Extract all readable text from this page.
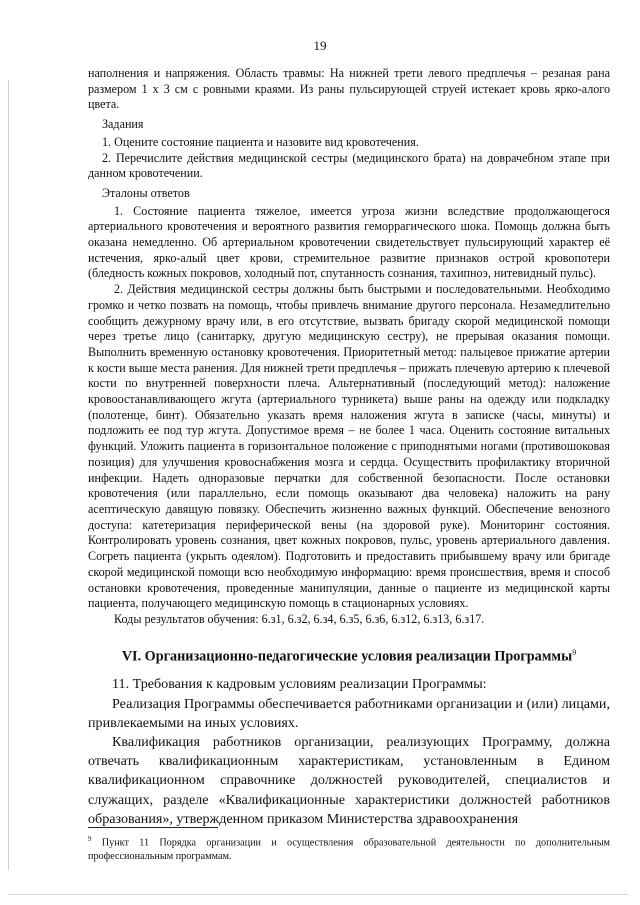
19

наполнения и напряжения. Область травмы: На нижней трети левого предплечья – резаная рана размером 1 х 3 см с ровными краями. Из раны пульсирующей струей истекает кровь ярко-алого цвета.

Задания

1. Оцените состояние пациента и назовите вид кровотечения.

2. Перечислите действия медицинской сестры (медицинского брата) на доврачебном этапе при данном кровотечении.

Эталоны ответов

1. Состояние пациента тяжелое, имеется угроза жизни вследствие продолжающегося артериального кровотечения и вероятного развития геморрагического шока. Помощь должна быть оказана немедленно. Об артериальном кровотечении свидетельствует пульсирующий характер её истечения, ярко-алый цвет крови, стремительное развитие признаков острой кровопотери (бледность кожных покровов, холодный пот, спутанность сознания, тахипноэ, нитевидный пульс).

2. Действия медицинской сестры должны быть быстрыми и последовательными. Необходимо громко и четко позвать на помощь, чтобы привлечь внимание другого персонала. Незамедлительно сообщить дежурному врачу или, в его отсутствие, вызвать бригаду скорой медицинской помощи через третье лицо (санитарку, другую медицинскую сестру), не прерывая оказания помощи. Выполнить временную остановку кровотечения. Приоритетный метод: пальцевое прижатие артерии к кости выше места ранения. Для нижней трети предплечья – прижать плечевую артерию к плечевой кости по внутренней поверхности плеча. Альтернативный (последующий метод): наложение кровоостанавливающего жгута (артериального турникета) выше раны на одежду или подкладку (полотенце, бинт). Обязательно указать время наложения жгута в записке (часы, минуты) и подложить ее под тур жгута. Допустимое время – не более 1 часа. Оценить состояние витальных функций. Уложить пациента в горизонтальное положение с приподнятыми ногами (противошоковая позиция) для улучшения кровоснабжения мозга и сердца. Осуществить профилактику вторичной инфекции. Надеть одноразовые перчатки для собственной безопасности. После остановки кровотечения (или параллельно, если помощь оказывают два человека) наложить на рану асептическую давящую повязку. Обеспечить жизненно важных функций. Обеспечение венозного доступа: катетеризация периферической вены (на здоровой руке). Мониторинг состояния. Контролировать уровень сознания, цвет кожных покровов, пульс, уровень артериального давления. Согреть пациента (укрыть одеялом). Подготовить и предоставить прибывшему врачу или бригаде скорой медицинской помощи всю необходимую информацию: время происшествия, время и способ остановки кровотечения, проведенные манипуляции, данные о пациенте из медицинской карты пациента, получающего медицинскую помощь в стационарных условиях.

Коды результатов обучения: 6.з1, 6.з2, 6.з4, 6.з5, 6.з6, 6.з12, 6.з13, 6.з17.

VI. Организационно-педагогические условия реализации Программы$^9$

11. Требования к кадровым условиям реализации Программы:

Реализация Программы обеспечивается работниками организации и (или) лицами, привлекаемыми на иных условиях.

Квалификация работников организации, реализующих Программу, должна отвечать квалификационным характеристикам, установленным в Едином квалификационном справочнике должностей руководителей, специалистов и служащих, разделе «Квалификационные характеристики должностей работников образования», утвержденном приказом Министерства здравоохранения

$^9$ Пункт 11 Порядка организации и осуществления образовательной деятельности по дополнительным профессиональным программам.
